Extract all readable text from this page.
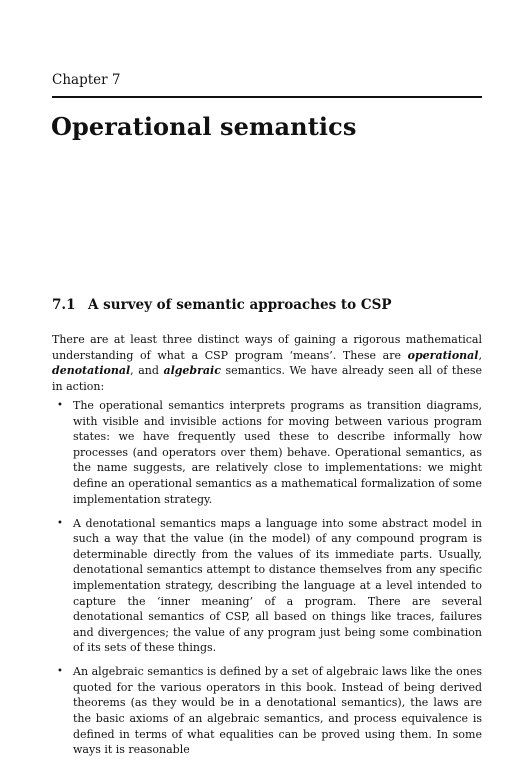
Chapter 7
Operational semantics
7.1 A survey of semantic approaches to CSP

There are at least three distinct ways of gaining a rigorous mathematical understanding of what a CSP program ‘means’. These are operational, denotational, and algebraic semantics. We have already seen all of these in action:

• The operational semantics interprets programs as transition diagrams, with visible and invisible actions for moving between various program states: we have frequently used these to describe informally how processes (and operators over them) behave. Operational semantics, as the name suggests, are relatively close to implementations: we might define an operational semantics as a mathematical formalization of some implementation strategy.
• A denotational semantics maps a language into some abstract model in such a way that the value (in the model) of any compound program is determinable directly from the values of its immediate parts. Usually, denotational semantics attempt to distance themselves from any specific implementation strategy, describing the language at a level intended to capture the ‘inner meaning’ of a program. There are several denotational semantics of CSP, all based on things like traces, failures and divergences; the value of any program just being some combination of its sets of these things.
• An algebraic semantics is defined by a set of algebraic laws like the ones quoted for the various operators in this book. Instead of being derived theorems (as they would be in a denotational semantics), the laws are the basic axioms of an algebraic semantics, and process equivalence is defined in terms of what equalities can be proved using them. In some ways it is reasonable
